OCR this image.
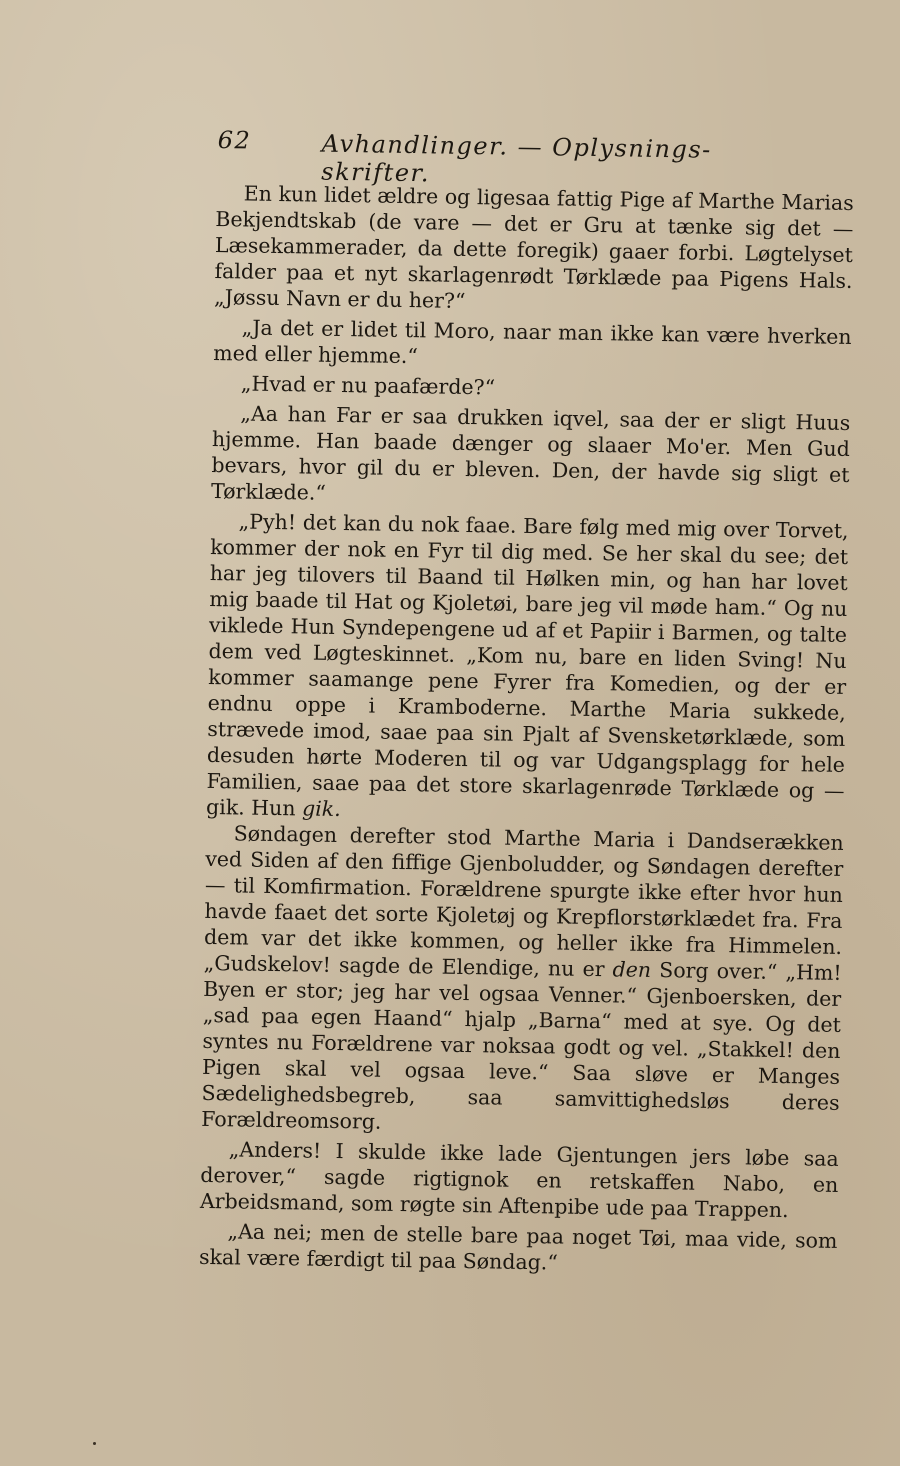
62	Avhandlinger. — Oplysnings-skrifter.

En kun lidet ældre og ligesaa fattig Pige af Marthe Marias Bekjendtskab (de vare — det er Gru at tænke sig det — Læsekammerader, da dette foregik) gaaer forbi. Løgtelyset falder paa et nyt skarlagenrødt Tørklæde paa Pigens Hals. „Jøssu Navn er du her?“

„Ja det er lidet til Moro, naar man ikke kan være hverken med eller hjemme.“

„Hvad er nu paafærde?“

„Aa han Far er saa drukken iqvel, saa der er sligt Huus hjemme. Han baade dænger og slaaer Mo'er. Men Gud bevars, hvor gil du er bleven. Den, der havde sig sligt et Tørklæde.“

„Pyh! det kan du nok faae. Bare følg med mig over Torvet, kommer der nok en Fyr til dig med. Se her skal du see; det har jeg tilovers til Baand til Hølken min, og han har lovet mig baade til Hat og Kjoletøi, bare jeg vil møde ham.“ Og nu viklede Hun Syndepengene ud af et Papiir i Barmen, og talte dem ved Løgteskinnet. „Kom nu, bare en liden Sving! Nu kommer saamange pene Fyrer fra Komedien, og der er endnu oppe i Kramboderne. Marthe Maria sukkede, strævede imod, saae paa sin Pjalt af Svensketørklæde, som desuden hørte Moderen til og var Udgangsplagg for hele Familien, saae paa det store skarlagenrøde Tørklæde og — gik. Hun gik.

Søndagen derefter stod Marthe Maria i Dandserækken ved Siden af den fiffige Gjenboludder, og Søndagen derefter — til Komfirmation. Forældrene spurgte ikke efter hvor hun havde faaet det sorte Kjoletøj og Krepflorstørklædet fra. Fra dem var det ikke kommen, og heller ikke fra Himmelen. „Gudskelov! sagde de Elendige, nu er den Sorg over.“ „Hm! Byen er stor; jeg har vel ogsaa Venner.“ Gjenboersken, der „sad paa egen Haand“ hjalp „Barna“ med at sye. Og det syntes nu Forældrene var noksaa godt og vel. „Stakkel! den Pigen skal vel ogsaa leve.“ Saa sløve er Manges Sædelighedsbegreb, saa samvittighedsløs deres Forældreomsorg.

„Anders! I skulde ikke lade Gjentungen jers løbe saa derover,“ sagde rigtignok en retskaffen Nabo, en Arbeidsmand, som røgte sin Aftenpibe ude paa Trappen.

„Aa nei; men de stelle bare paa noget Tøi, maa vide, som skal være færdigt til paa Søndag.“
